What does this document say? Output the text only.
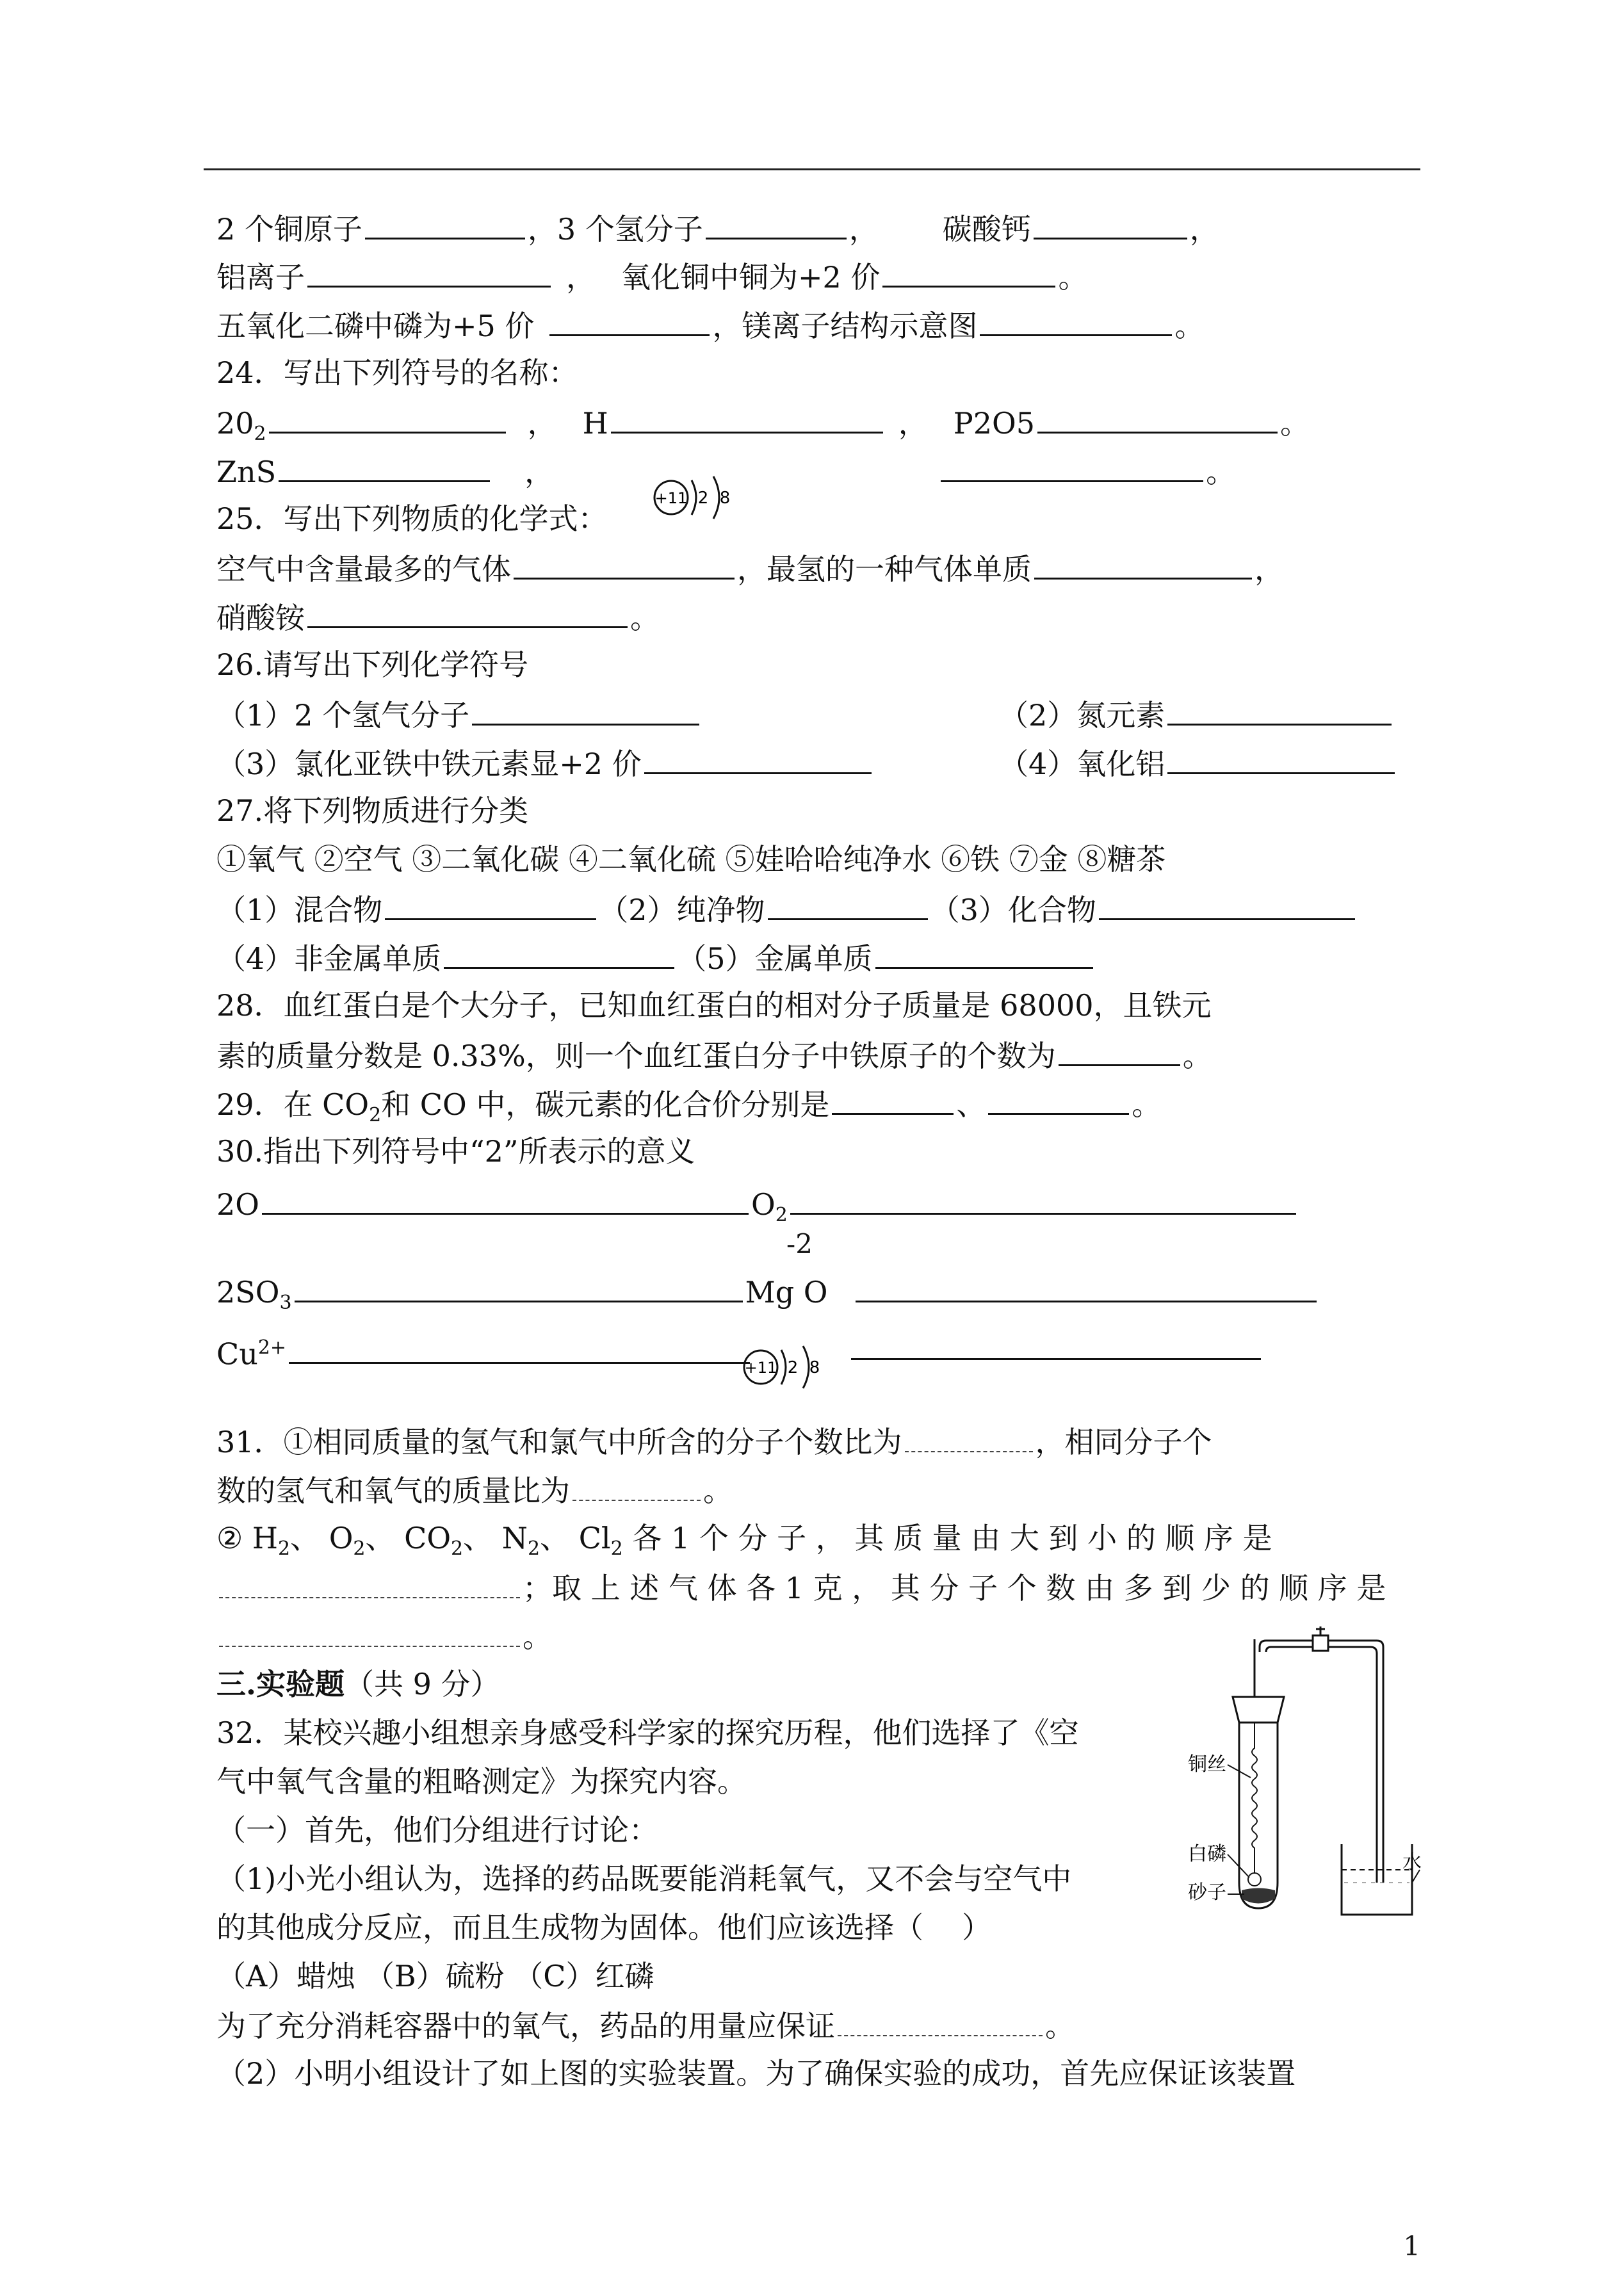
2 个铜原子	，3 个氢分子	， 碳酸钙	，
铝离子	， 氧化铜中铜为+2 价	。
五氧化二磷中磷为+5 价	，镁离子结构示意图	。
24．写出下列符号的名称：
$20_2$	， H	， P2O5	。
ZnS	，	。
+11 2 8
25．写出下列物质的化学式：
空气中含量最多的气体	，最氢的一种气体单质	，
硝酸铵	。
26.请写出下列化学符号
（1）2 个氢气分子	（2）氮元素
（3）氯化亚铁中铁元素显+2 价	（4）氧化铝
27.将下列物质进行分类
①氧气 ②空气 ③二氧化碳 ④二氧化硫 ⑤娃哈哈纯净水 ⑥铁 ⑦金 ⑧糖茶
（1）混合物	（2）纯净物	（3）化合物
（4）非金属单质	（5）金属单质
28．血红蛋白是个大分子，已知血红蛋白的相对分子质量是 68000，且铁元
素的质量分数是 0.33%，则一个血红蛋白分子中铁原子的个数为	。
29．在 $CO_2$和 CO 中，碳元素的化合价分别是	、	。
30.指出下列符号中“2”所表示的意义
2O	$O_2$
-2
$2SO_3$	Mg O
$Cu^{2+}$
+11 2 8
31．①相同质量的氢气和氯气中所含的分子个数比为	，相同分子个
数的氢气和氧气的质量比为	。
② $H_2$、 $O_2$、 $CO_2$、 $N_2$、 $Cl_2$ 各 1 个 分 子 ， 其 质 量 由 大 到 小 的 顺 序 是
；取 上 述 气 体 各 1 克 ， 其 分 子 个 数 由 多 到 少 的 顺 序 是
。
三.实验题（共 9 分）
32．某校兴趣小组想亲身感受科学家的探究历程，他们选择了《空
气中氧气含量的粗略测定》为探究内容。
（一）首先，他们分组进行讨论：
（1)小光小组认为，选择的药品既要能消耗氧气，又不会与空气中
的其他成分反应，而且生成物为固体。他们应该选择（ ）
（A）蜡烛 （B）硫粉 （C）红磷
为了充分消耗容器中的氧气，药品的用量应保证	。
（2）小明小组设计了如上图的实验装置。为了确保实验的成功，首先应保证该装置
铜丝
白磷
砂子
水
1
